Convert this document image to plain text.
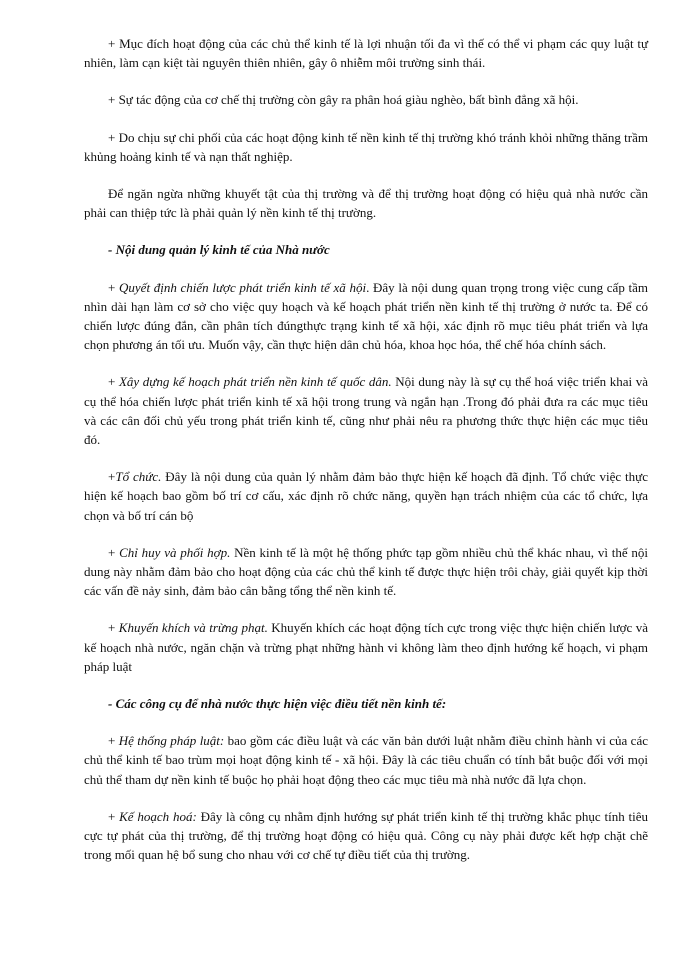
+ Mục đích hoạt động của các chủ thể kinh tế là lợi nhuận tối đa vì thế có thể vi phạm các quy luật tự nhiên, làm cạn kiệt tài nguyên thiên nhiên, gây ô nhiễm môi trường sinh thái.

+ Sự tác động của cơ chế thị trường còn gây ra phân hoá giàu nghèo, bất bình đẳng xã hội.

+ Do chịu sự chi phối của các hoạt động kinh tế nền kinh tế thị trường khó tránh khỏi những thăng trầm khủng hoảng kinh tế và nạn thất nghiệp.

Để ngăn ngừa những khuyết tật của thị trường và để thị trường hoạt động có hiệu quả nhà nước cần phải can thiệp tức là phải quản lý nền kinh tế thị trường.

- Nội dung quản lý kinh tế của Nhà nước

+ Quyết định chiến lược phát triển kinh tế xã hội. Đây là nội dung quan trọng trong việc cung cấp tầm nhìn dài hạn làm cơ sở cho việc quy hoạch và kế hoạch phát triển nền kinh tế thị trường ở nước ta. Để có chiến lược đúng đắn, cần phân tích đúngthực trạng kinh tế xã hội, xác định rõ mục tiêu phát triển và lựa chọn phương án tối ưu. Muốn vậy, cần thực hiện dân chủ hóa, khoa học hóa, thể chế hóa chính sách.

+ Xây dựng kế hoạch phát triển nền kinh tế quốc dân. Nội dung này là sự cụ thể hoá việc triển khai và cụ thể hóa chiến lược phát triển kinh tế xã hội trong trung và ngắn hạn .Trong đó phải đưa ra các mục tiêu và các cân đối chủ yếu trong phát triển kinh tế, cũng như phải nêu ra phương thức thực hiện các mục tiêu đó.

+Tổ chức. Đây là nội dung của quản lý nhằm đảm bảo thực hiện kế hoạch đã định. Tổ chức việc thực hiện kế hoạch bao gồm bố trí cơ cấu, xác định rõ chức năng, quyền hạn trách nhiệm của các tổ chức, lựa chọn và bố trí cán bộ

+ Chỉ huy và phối hợp. Nền kinh tế là một hệ thống phức tạp gồm nhiều chủ thể khác nhau, vì thế nội dung này nhằm đảm bảo cho hoạt động của các chủ thể kinh tế được thực hiện trôi chảy, giải quyết kịp thời các vấn đề nảy sinh, đảm bảo cân bằng tổng thể nền kinh tế.

+ Khuyến khích và trừng phạt. Khuyến khích các hoạt động tích cực trong việc thực hiện chiến lược và kế hoạch nhà nước, ngăn chặn và trừng phạt những hành vi không làm theo định hướng kế hoạch, vi phạm pháp luật

- Các công cụ để nhà nước thực hiện việc điều tiết nền kinh tế:

+ Hệ thống pháp luật: bao gồm các điều luật và các văn bản dưới luật nhằm điều chỉnh hành vi của các chủ thể kinh tế bao trùm mọi hoạt động kinh tế - xã hội. Đây là các tiêu chuẩn có tính bắt buộc đối với mọi chủ thể tham dự nền kinh tế buộc họ phải hoạt động theo các mục tiêu mà nhà nước đã lựa chọn.

+ Kế hoạch hoá: Đây là công cụ nhằm định hướng sự phát triển kinh tế thị trường khắc phục tính tiêu cực tự phát của thị trường, để thị trường hoạt động có hiệu quả. Công cụ này phải được kết hợp chặt chẽ trong mối quan hệ bổ sung cho nhau với cơ chế tự điều tiết của thị trường.
